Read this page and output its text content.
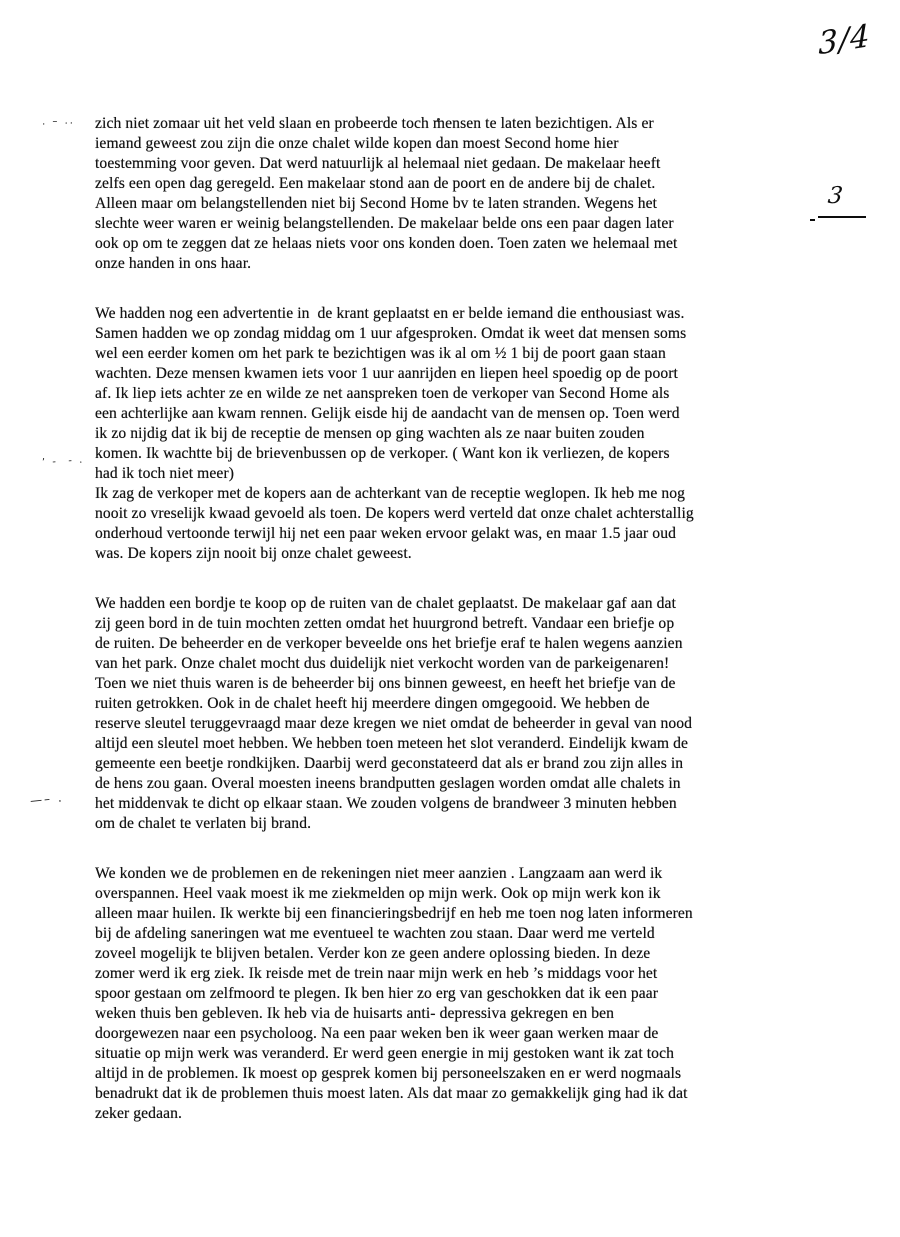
3/4
3
. – ..
’ -  - .
—– .
zich niet zomaar uit het veld slaan en probeerde toch mensen te laten bezichtigen. Als er
iemand geweest zou zijn die onze chalet wilde kopen dan moest Second home hier
toestemming voor geven. Dat werd natuurlijk al helemaal niet gedaan. De makelaar heeft
zelfs een open dag geregeld. Een makelaar stond aan de poort en de andere bij de chalet.
Alleen maar om belangstellenden niet bij Second Home bv te laten stranden. Wegens het
slechte weer waren er weinig belangstellenden. De makelaar belde ons een paar dagen later
ook op om te zeggen dat ze helaas niets voor ons konden doen. Toen zaten we helemaal met
onze handen in ons haar.
We hadden nog een advertentie in  de krant geplaatst en er belde iemand die enthousiast was.
Samen hadden we op zondag middag om 1 uur afgesproken. Omdat ik weet dat mensen soms
wel een eerder komen om het park te bezichtigen was ik al om ½ 1 bij de poort gaan staan
wachten. Deze mensen kwamen iets voor 1 uur aanrijden en liepen heel spoedig op de poort
af. Ik liep iets achter ze en wilde ze net aanspreken toen de verkoper van Second Home als
een achterlijke aan kwam rennen. Gelijk eisde hij de aandacht van de mensen op. Toen werd
ik zo nijdig dat ik bij de receptie de mensen op ging wachten als ze naar buiten zouden
komen. Ik wachtte bij de brievenbussen op de verkoper. ( Want kon ik verliezen, de kopers
had ik toch niet meer)
Ik zag de verkoper met de kopers aan de achterkant van de receptie weglopen. Ik heb me nog
nooit zo vreselijk kwaad gevoeld als toen. De kopers werd verteld dat onze chalet achterstallig
onderhoud vertoonde terwijl hij net een paar weken ervoor gelakt was, en maar 1.5 jaar oud
was. De kopers zijn nooit bij onze chalet geweest.
We hadden een bordje te koop op de ruiten van de chalet geplaatst. De makelaar gaf aan dat
zij geen bord in de tuin mochten zetten omdat het huurgrond betreft. Vandaar een briefje op
de ruiten. De beheerder en de verkoper beveelde ons het briefje eraf te halen wegens aanzien
van het park. Onze chalet mocht dus duidelijk niet verkocht worden van de parkeigenaren!
Toen we niet thuis waren is de beheerder bij ons binnen geweest, en heeft het briefje van de
ruiten getrokken. Ook in de chalet heeft hij meerdere dingen omgegooid. We hebben de
reserve sleutel teruggevraagd maar deze kregen we niet omdat de beheerder in geval van nood
altijd een sleutel moet hebben. We hebben toen meteen het slot veranderd. Eindelijk kwam de
gemeente een beetje rondkijken. Daarbij werd geconstateerd dat als er brand zou zijn alles in
de hens zou gaan. Overal moesten ineens brandputten geslagen worden omdat alle chalets in
het middenvak te dicht op elkaar staan. We zouden volgens de brandweer 3 minuten hebben
om de chalet te verlaten bij brand.
We konden we de problemen en de rekeningen niet meer aanzien . Langzaam aan werd ik
overspannen. Heel vaak moest ik me ziekmelden op mijn werk. Ook op mijn werk kon ik
alleen maar huilen. Ik werkte bij een financieringsbedrijf en heb me toen nog laten informeren
bij de afdeling saneringen wat me eventueel te wachten zou staan. Daar werd me verteld
zoveel mogelijk te blijven betalen. Verder kon ze geen andere oplossing bieden. In deze
zomer werd ik erg ziek. Ik reisde met de trein naar mijn werk en heb ’s middags voor het
spoor gestaan om zelfmoord te plegen. Ik ben hier zo erg van geschokken dat ik een paar
weken thuis ben gebleven. Ik heb via de huisarts anti- depressiva gekregen en ben
doorgewezen naar een psycholoog. Na een paar weken ben ik weer gaan werken maar de
situatie op mijn werk was veranderd. Er werd geen energie in mij gestoken want ik zat toch
altijd in de problemen. Ik moest op gesprek komen bij personeelszaken en er werd nogmaals
benadrukt dat ik de problemen thuis moest laten. Als dat maar zo gemakkelijk ging had ik dat
zeker gedaan.
